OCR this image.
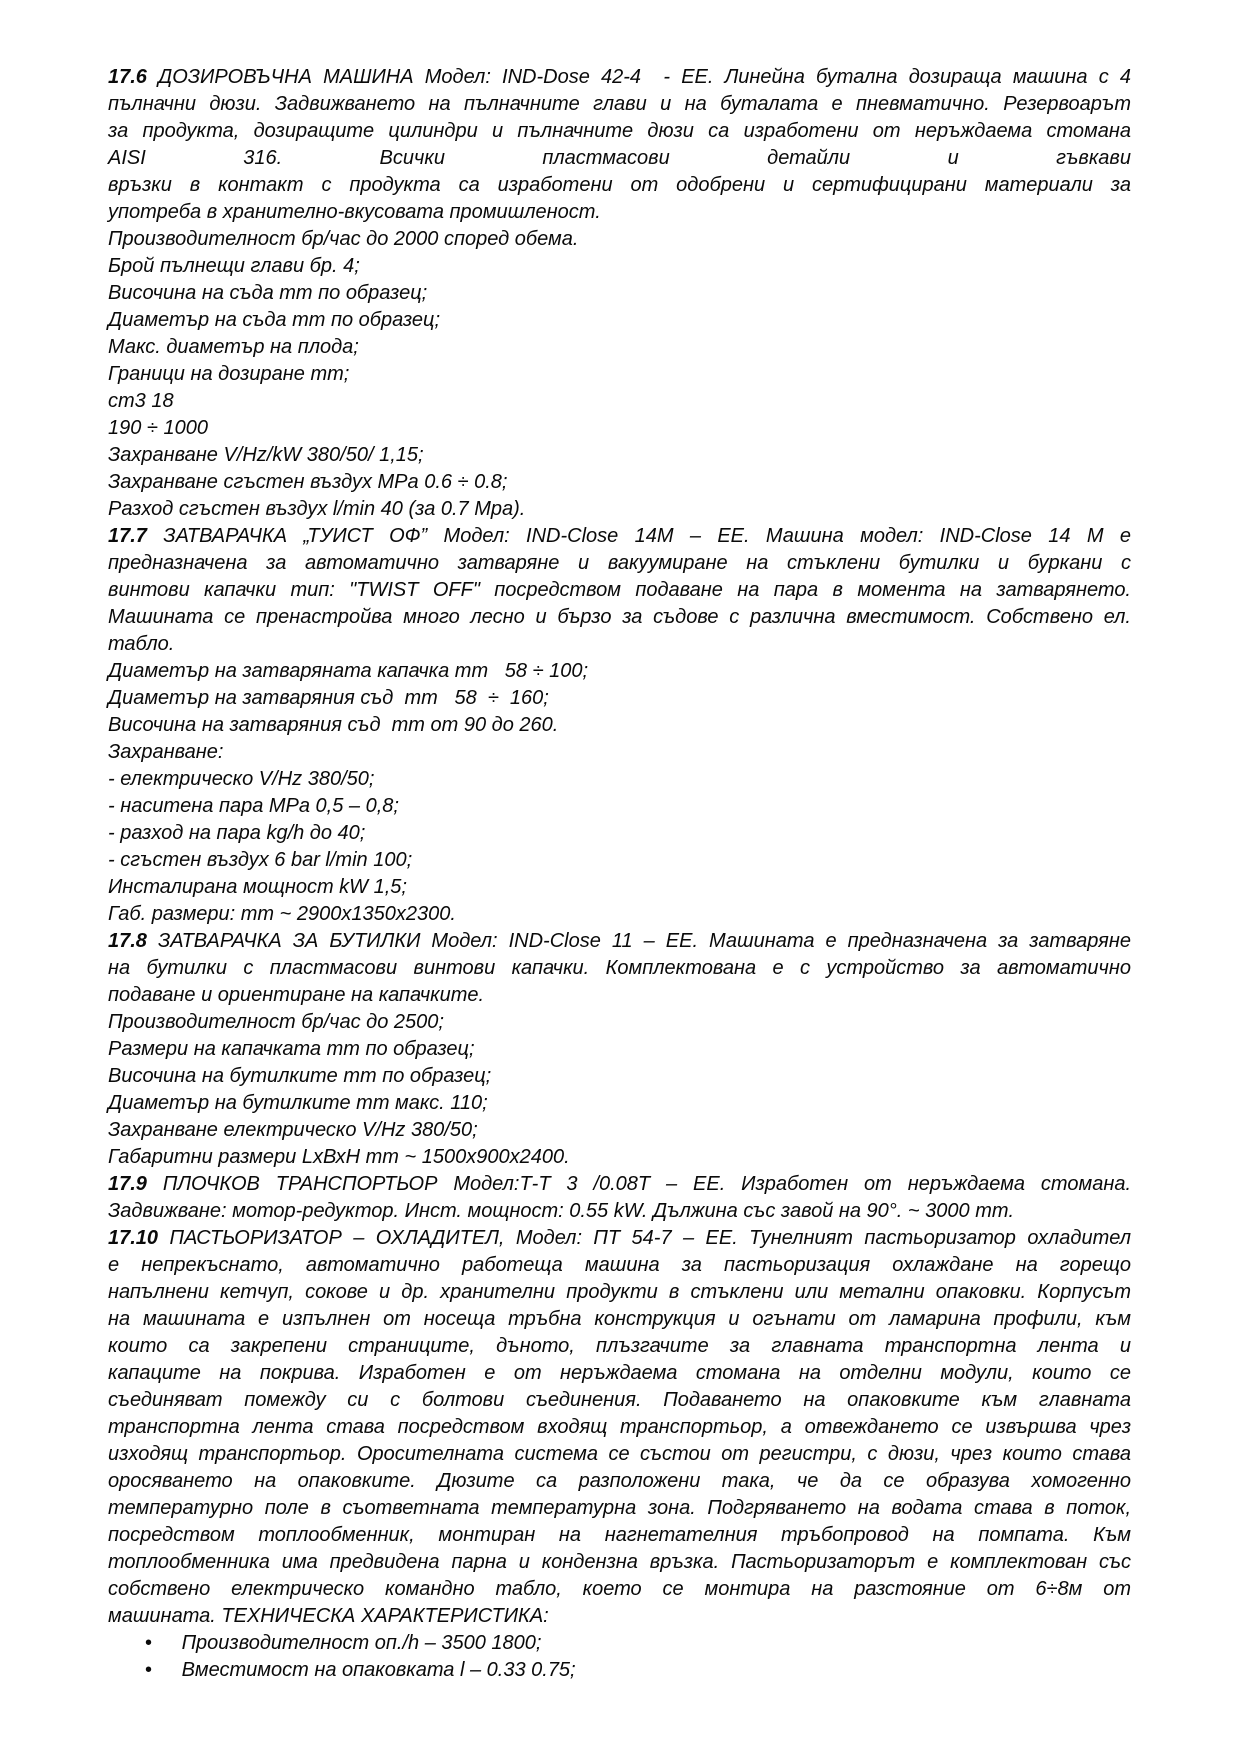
17.6 ДОЗИРОВЪЧНА МАШИНА Модел: IND-Dose 42-4  - ЕЕ. Линейна бутална дозираща машина с 4
пълначни дюзи. Задвижването на пълначните глави и на буталата е пневматично. Резервоарът
за продукта, дозиращите цилиндри и пълначните дюзи са изработени от неръждаема стомана
AISI 316. Всички пластмасови детайли и гъвкави
връзки в контакт с продукта са изработени от одобрени и сертифицирани материали за
употреба в хранително-вкусовата промишленост.
Производителност бр/час до 2000 според обема.
Брой пълнещи глави бр. 4;
Височина на съда mm по образец;
Диаметър на съда mm по образец;
Макс. диаметър на плода;
Граници на дозиране mm;
ст3 18
190 ÷ 1000
Захранване V/Hz/kW 380/50/ 1,15;
Захранване сгъстен въздух MPa 0.6 ÷ 0.8;
Разход сгъстен въздух l/min 40 (за 0.7 Mpa).
17.7 ЗАТВАРАЧКА „ТУИСТ ОФ” Модел: IND-Close 14M – ЕЕ. Машина модел: IND-Close 14 М е
предназначена за автоматично затваряне и вакуумиране на стъклени бутилки и буркани с
винтови капачки тип: "TWIST OFF" посредством подаване на пара в момента на затварянето.
Машината се пренастройва много лесно и бързо за съдове с различна вместимост. Собствено ел.
табло.
Диаметър на затваряната капачка mm   58 ÷ 100;
Диаметър на затваряния съд  mm   58  ÷  160;
Височина на затваряния съд  mm от 90 до 260.
Захранване:
- електрическо V/Hz 380/50;
- наситена пара MPa 0,5 – 0,8;
- разход на пара kg/h до 40;
- сгъстен въздух 6 bar l/min 100;
Инсталирана мощност kW 1,5;
Габ. размери: mm ~ 2900х1350х2300.
17.8 ЗАТВАРАЧКА ЗА БУТИЛКИ Модел: IND-Close 11 – ЕЕ. Машината е предназначена за затваряне
на бутилки с пластмасови винтови капачки. Комплектована е с устройство за автоматично
подаване и ориентиране на капачките.
Производителност бр/час до 2500;
Размери на капачката mm по образец;
Височина на бутилките mm по образец;
Диаметър на бутилките mm макс. 110;
Захранване електрическо V/Hz 380/50;
Габаритни размери LхВхН mm ~ 1500х900х2400.
17.9 ПЛОЧКОВ ТРАНСПОРТЬОР Модел:Т-Т 3 /0.08Т – ЕЕ. Изработен от неръждаема стомана.
Задвижване: мотор-редуктор. Инст. мощност: 0.55 kW. Дължина със завой на 90°. ~ 3000 mm.
17.10 ПАСТЬОРИЗАТОР – ОХЛАДИТЕЛ, Модел: ПТ 54-7 – ЕЕ. Тунелният пастьоризатор охладител
е непрекъснато, автоматично работеща машина за пастьоризация охлаждане на горещо
напълнени кетчуп, сокове и др. хранителни продукти в стъклени или метални опаковки. Корпусът
на машината е изпълнен от носеща тръбна конструкция и огънати от ламарина профили, към
които са закрепени страниците, дъното, плъзгачите за главната транспортна лента и
капаците на покрива. Изработен е от неръждаема стомана на отделни модули, които се
съединяват помежду си с болтови съединения. Подаването на опаковките към главната
транспортна лента става посредством входящ транспортьор, а отвеждането се извършва чрез
изходящ транспортьор. Оросителната система се състои от регистри, с дюзи, чрез които става
оросяването на опаковките. Дюзите са разположени така, че да се образува хомогенно
температурно поле в съответната температурна зона. Подгряването на водата става в поток,
посредством топлообменник, монтиран на нагнетателния тръбопровод на помпата. Към
топлообменника има предвидена парна и кондензна връзка. Пастьоризаторът е комплектован със
собствено електрическо командно табло, което се монтира на разстояние от 6÷8м от
машината. ТЕХНИЧЕСКА ХАРАКТЕРИСТИКА:
• Производителност оп./h – 3500 1800;
• Вместимост на опаковката l – 0.33 0.75;
